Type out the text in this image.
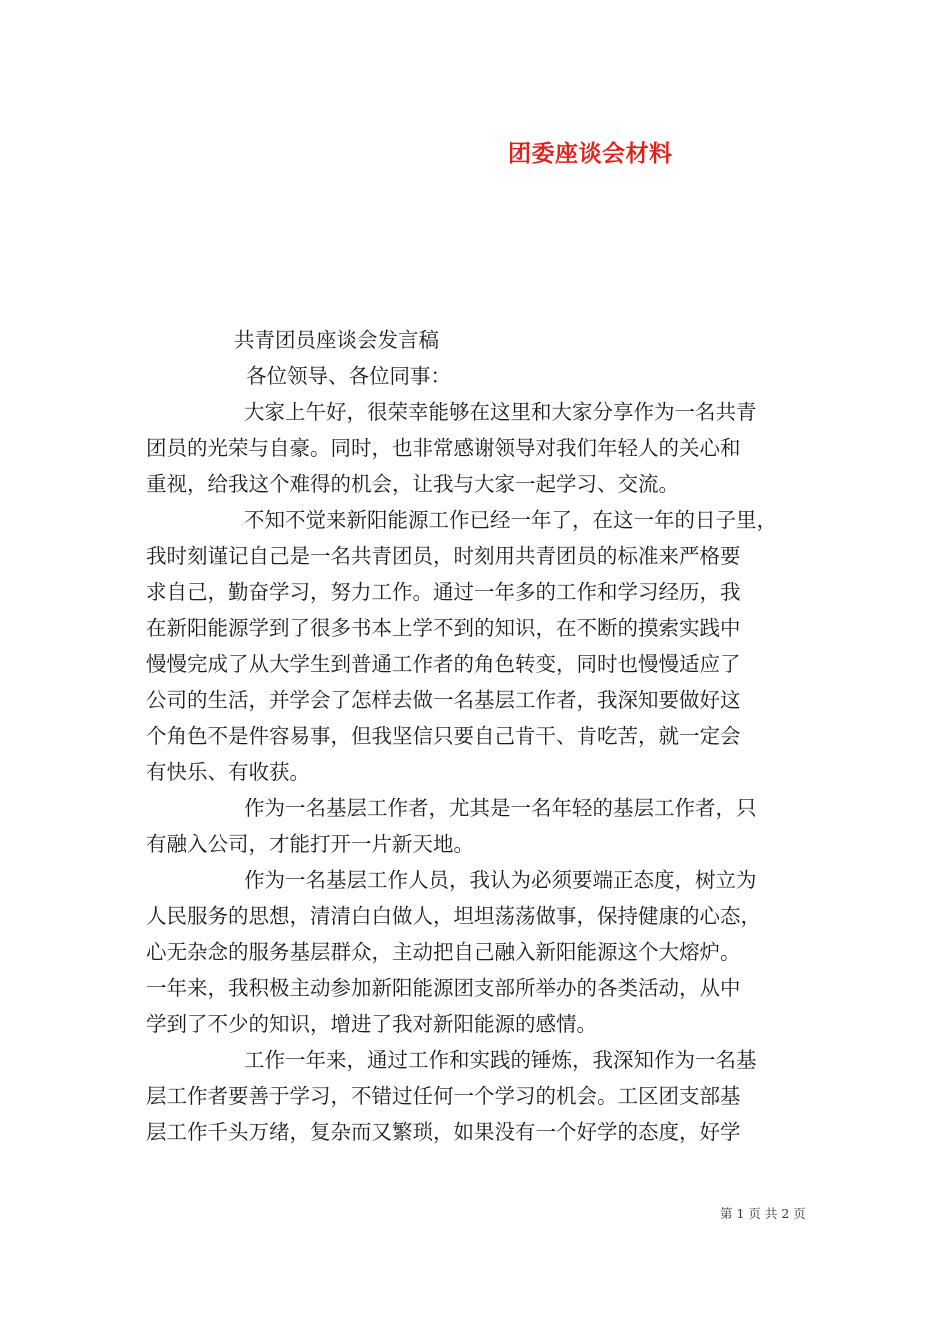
团委座谈会材料
共青团员座谈会发言稿
各位领导、各位同事：
大家上午好，很荣幸能够在这里和大家分享作为一名共青
团员的光荣与自豪。同时，也非常感谢领导对我们年轻人的关心和
重视，给我这个难得的机会，让我与大家一起学习、交流。
不知不觉来新阳能源工作已经一年了，在这一年的日子里，
我时刻谨记自己是一名共青团员，时刻用共青团员的标准来严格要
求自己，勤奋学习，努力工作。通过一年多的工作和学习经历，我
在新阳能源学到了很多书本上学不到的知识，在不断的摸索实践中
慢慢完成了从大学生到普通工作者的角色转变，同时也慢慢适应了
公司的生活，并学会了怎样去做一名基层工作者，我深知要做好这
个角色不是件容易事，但我坚信只要自己肯干、肯吃苦，就一定会
有快乐、有收获。
作为一名基层工作者，尤其是一名年轻的基层工作者，只
有融入公司，才能打开一片新天地。
作为一名基层工作人员，我认为必须要端正态度，树立为
人民服务的思想，清清白白做人，坦坦荡荡做事，保持健康的心态，
心无杂念的服务基层群众，主动把自己融入新阳能源这个大熔炉。
一年来，我积极主动参加新阳能源团支部所举办的各类活动，从中
学到了不少的知识，增进了我对新阳能源的感情。
工作一年来，通过工作和实践的锤炼，我深知作为一名基
层工作者要善于学习，不错过任何一个学习的机会。工区团支部基
层工作千头万绪，复杂而又繁琐，如果没有一个好学的态度，好学
第 1 页 共 2 页
